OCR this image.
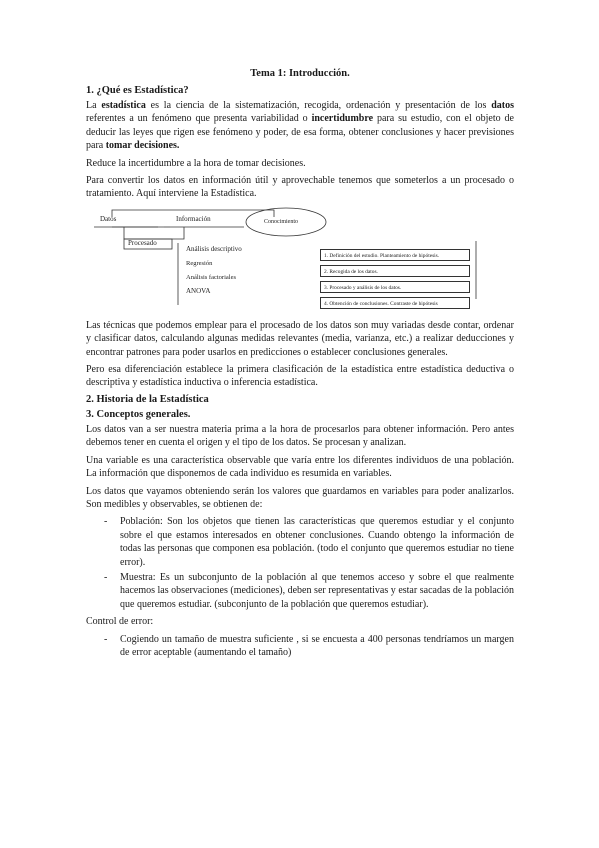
Tema 1: Introducción.
1. ¿Qué es Estadística?

La estadística es la ciencia de la sistematización, recogida, ordenación y presentación de los datos referentes a un fenómeno que presenta variabilidad o incertidumbre para su estudio, con el objeto de deducir las leyes que rigen ese fenómeno y poder, de esa forma, obtener conclusiones y hacer previsiones para tomar decisiones.

Reduce la incertidumbre a la hora de tomar decisiones.

Para convertir los datos en información útil y aprovechable tenemos que someterlos a un procesado o tratamiento. Aquí interviene la Estadística.

Datos	Información	Conocimiento
Procesado
Análisis descriptivo
Regresión
Análisis factoriales
ANOVA
1. Definición del estudio. Planteamiento de hipótesis.
2. Recogida de los datos.
3. Procesado y análisis de los datos.
4. Obtención de conclusiones. Contraste de hipótesis

Las técnicas que podemos emplear para el procesado de los datos son muy variadas desde contar, ordenar y clasificar datos, calculando algunas medidas relevantes (media, varianza, etc.) a realizar deducciones y encontrar patrones para poder usarlos en predicciones o establecer conclusiones generales.

Pero esa diferenciación establece la primera clasificación de la estadística entre estadística deductiva o descriptiva y estadística inductiva o inferencia estadística.

2. Historia de la Estadística
3. Conceptos generales.

Los datos van a ser nuestra materia prima a la hora de procesarlos para obtener información. Pero antes debemos tener en cuenta el origen y el tipo de los datos. Se procesan y analizan.

Una variable es una característica observable que varía entre los diferentes individuos de una población. La información que disponemos de cada individuo es resumida en variables.

Los datos que vayamos obteniendo serán los valores que guardamos en variables para poder analizarlos. Son medibles y observables, se obtienen de:

- Población: Son los objetos que tienen las características que queremos estudiar y el conjunto sobre el que estamos interesados en obtener conclusiones. Cuando obtengo la información de todas las personas que componen esa población. (todo el conjunto que queremos estudiar no tiene error).
- Muestra: Es un subconjunto de la población al que tenemos acceso y sobre el que realmente hacemos las observaciones (mediciones), deben ser representativas y estar sacadas de la población que queremos estudiar. (subconjunto de la población que queremos estudiar).

Control de error:

- Cogiendo un tamaño de muestra suficiente , si se encuesta a 400 personas tendríamos un margen de error aceptable (aumentando el tamaño)
